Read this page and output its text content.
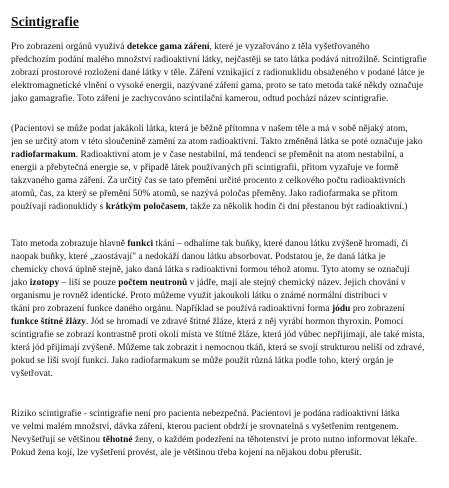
Scintigrafie
Pro zobrazeni orgánů využívá detekce gama záření, které je vyzařováno z těla vyšetřovaného
předchozím podání malého množství radioaktivní látky, nejčastěji se tato látka podává nitrožilně. Scintigrafie
zobrazí prostorové rozložení dané látky v těle. Záření vznikající z radionuklidu obsaženého v podané látce je
elektromagnetické vlnění o vysoké energii, nazývané záření gama, proto se tato metoda také někdy označuje
jako gamagrafie. Toto záření je zachycováno scintilační kamerou, odtud pochází název scintigrafie.
(Pacientovi se může podat jakákoli látka, která je běžně přítomna v našem těle a má v sobě nějaký atom,
jen se určitý atom v této sloučenině zamění za atom radioaktivní. Takto změněná látka se poté označuje jako
radiofarmakum. Radioaktivní atom je v čase nestabilní, má tendenci se přeměnit na atom nestabilní, a
energii a přebytečná energie se, v případě látek používaných při scintigrafii, přitom vyzařuje ve formě
takzvaného gama záření. Za určitý čas se tato přeměni určité procento z celkového počtu radioaktivních
atomů, čas, za který se přemění 50% atomů, se nazývá poločas přeměny. Jako radiofarmaka se přitom
používají radionuklidy s krátkým poločasem, takže za několik hodin či dní přestanou být radioaktivní.)
Tato metoda zobrazuje hlavně funkci tkání – odhalíme tak buňky, které danou látku zvýšeně hromadí, či
naopak buňky, které „zaostávají" a nedokáží danou látku absorbovat. Podstatou je, že daná látka je
chemicky chová úplně stejně, jako daná látka s radioaktivní formou téhož atomu. Tyto atomy se označují
jako izotopy – liší se pouze počtem neutronů v jádře, mají ale stejný chemický název. Jejich chování v
organismu je rovněž identické. Proto můžeme využít jakoukoli látku o známé normální distribuci v
tkáni pro zobrazení funkce daného orgánu. Například se používá radioaktivní forma jódu pro zobrazení
funkce štítné žlázy. Jód se hromadí ve zdravé štítné žláze, která z něj vyrábí hormon thyroxin. Pomocí
scintigrafie se zobrazí kontrastně proti okolí místa ve štítné žláze, která jód vůbec nepřijímají, ale také místa,
která jód přijímají zvýšeně. Můžeme tak zobrazit i nemocnou tkáň, která se svojí strukturou neliší od zdravé,
pokud se liší svojí funkcí. Jako radiofarmakum se může použít různá látka podle toho, který orgán je
vyšetřovat.
Riziko scintigrafie - scintigrafie není pro pacienta nebezpečná. Pacientovi je podána radioaktivní látka
ve velmi malém množství, dávka záření, kterou pacient obdrží je srovnatelná s vyšetřením rentgenem.
Nevyšetřují se většinou těhotné ženy, o každém podezření na těhotenství je proto nutno informovat lékaře.
Pokud žena kojí, lze vyšetření provést, ale je většinou třeba kojení na nějakou dobu přerušit.
